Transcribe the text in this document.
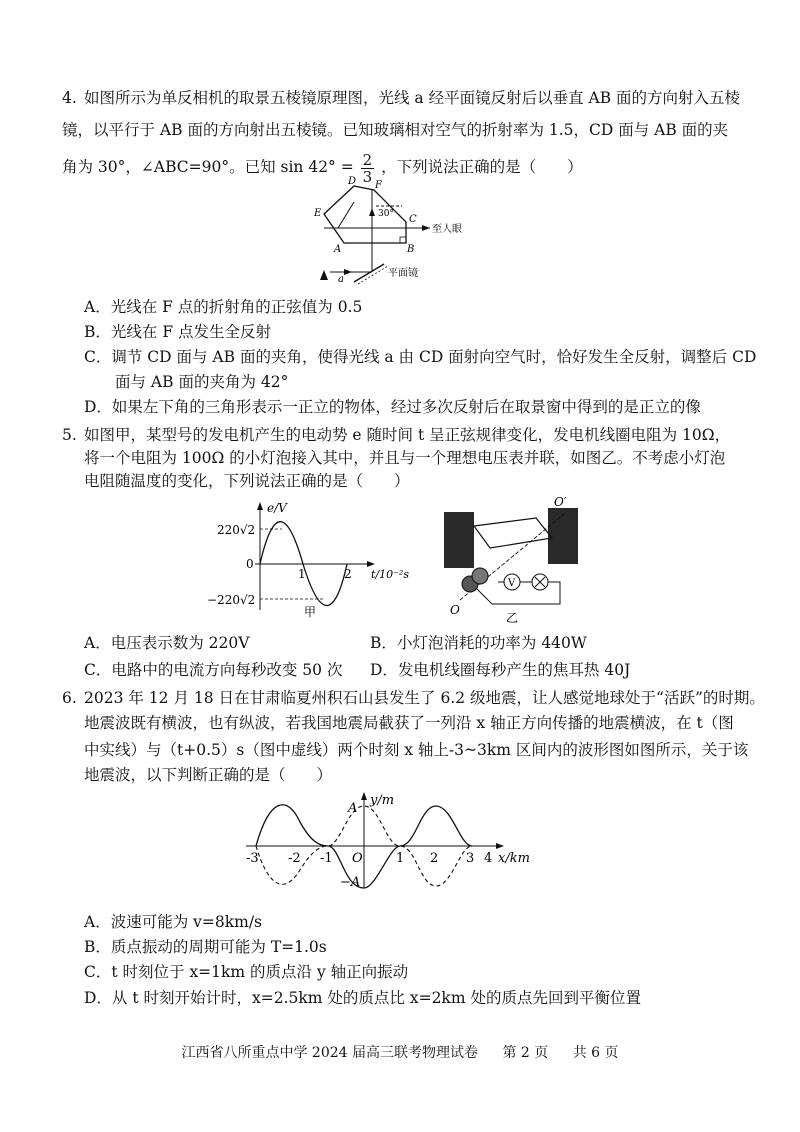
4. 如图所示为单反相机的取景五棱镜原理图，光线 a 经平面镜反射后以垂直 AB 面的方向射入五棱
镜，以平行于 AB 面的方向射出五棱镜。已知玻璃相对空气的折射率为 1.5，CD 面与 AB 面的夹
角为 30°，∠ABC=90°。已知 $\sin 42^\circ = \frac{2}{3}$ ，下列说法正确的是（　　）
D F
E
C
A	B
a
30°
至人眼
平面镜
A．光线在 F 点的折射角的正弦值为 0.5
B．光线在 F 点发生全反射
C．调节 CD 面与 AB 面的夹角，使得光线 a 由 CD 面射向空气时，恰好发生全反射，调整后 CD
　　面与 AB 面的夹角为 42°
D．如果左下角的三角形表示一正立的物体，经过多次反射后在取景窗中得到的是正立的像
5. 如图甲，某型号的发电机产生的电动势 e 随时间 t 呈正弦规律变化，发电机线圈电阻为 10Ω，
将一个电阻为 100Ω 的小灯泡接入其中，并且与一个理想电压表并联，如图乙。不考虑小灯泡
电阻随温度的变化，下列说法正确的是（　　）
e/V
220√2
0
−220√2
1	2 t/10⁻²s
甲
V
O
O′
乙
A．电压表示数为 220V	B．小灯泡消耗的功率为 440W
C．电路中的电流方向每秒改变 50 次 D．发电机线圈每秒产生的焦耳热 40J
6. 2023 年 12 月 18 日在甘肃临夏州积石山县发生了 6.2 级地震，让人感觉地球处于“活跃”的时期。
地震波既有横波，也有纵波，若我国地震局截获了一列沿 x 轴正方向传播的地震横波，在 t（图
中实线）与（t+0.5）s（图中虚线）两个时刻 x 轴上-3~3km 区间内的波形图如图所示，关于该
地震波，以下判断正确的是（　　）
y/m
A
−A
-3 -2 -1 O	1 2 3 4 x/km
A．波速可能为 v=8km/s
B．质点振动的周期可能为 T=1.0s
C．t 时刻位于 x=1km 的质点沿 y 轴正向振动
D．从 t 时刻开始计时，x=2.5km 处的质点比 x=2km 处的质点先回到平衡位置
江西省八所重点中学 2024 届高三联考物理试卷 第 2 页 共 6 页
